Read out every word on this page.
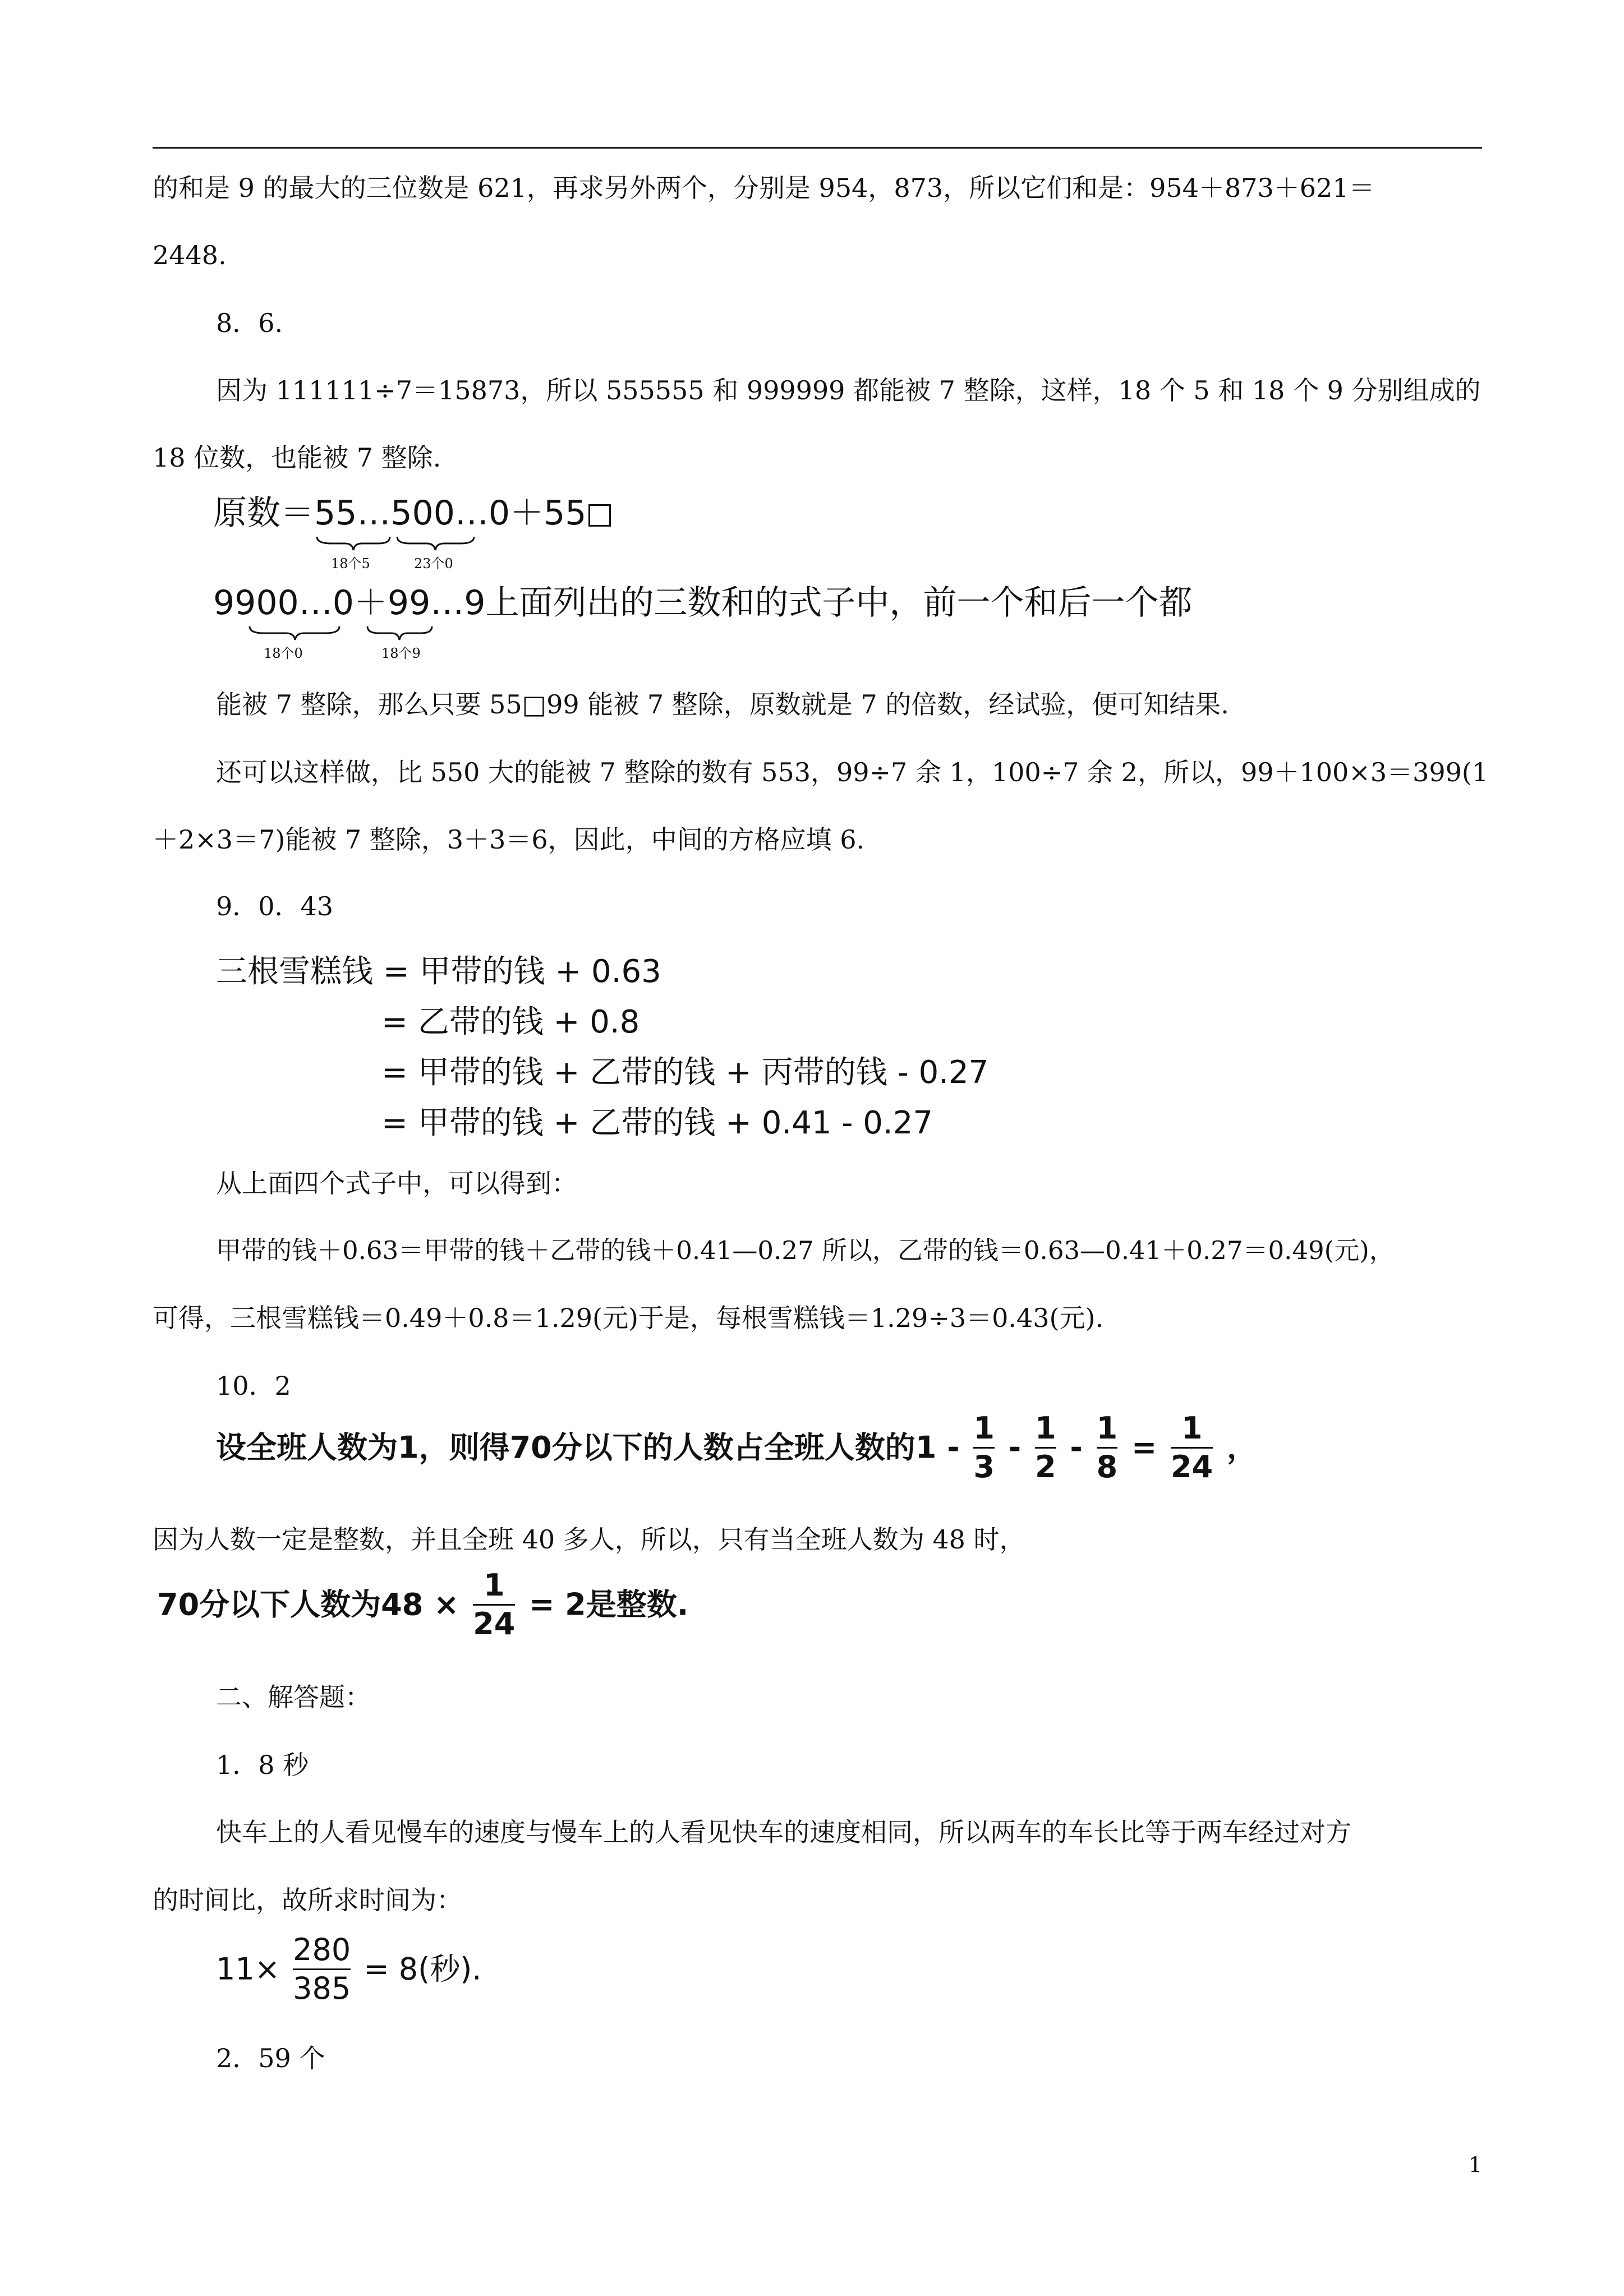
的和是 9 的最大的三位数是 621，再求另外两个，分别是 954，873，所以它们和是：954＋873＋621＝
2448.
8．6.
因为 111111÷7＝15873，所以 555555 和 999999 都能被 7 整除，这样，18 个 5 和 18 个 9 分别组成的
18 位数，也能被 7 整除.
原数＝55…500…0＋55
18个5	23个0
9900…0＋99…9上面列出的三数和的式子中，前一个和后一个都
18个0	18个9
能被 7 整除，那么只要 55□99 能被 7 整除，原数就是 7 的倍数，经试验，便可知结果.
还可以这样做，比 550 大的能被 7 整除的数有 553，99÷7 余 1，100÷7 余 2，所以，99＋100×3＝399(1
＋2×3＝7)能被 7 整除，3＋3＝6，因此，中间的方格应填 6.
9．0．43
三根雪糕钱 = 甲带的钱 + 0.63
= 乙带的钱 + 0.8
= 甲带的钱 + 乙带的钱 + 丙带的钱 - 0.27
= 甲带的钱 + 乙带的钱 + 0.41 - 0.27
从上面四个式子中，可以得到：
甲带的钱＋0.63＝甲带的钱＋乙带的钱＋0.41—0.27 所以，乙带的钱＝0.63—0.41＋0.27＝0.49(元)，
可得，三根雪糕钱＝0.49＋0.8＝1.29(元)于是，每根雪糕钱＝1.29÷3＝0.43(元).
10．2
设全班人数为1，则得70分以下的人数占全班人数的$1 - \frac{1}{3} - \frac{1}{2} - \frac{1}{8} = \frac{1}{24}$ ，
因为人数一定是整数，并且全班 40 多人，所以，只有当全班人数为 48 时，
70分以下人数为$48 \times \frac{1}{24} = 2$是整数.
二、解答题：
1．8 秒
快车上的人看见慢车的速度与慢车上的人看见快车的速度相同，所以两车的车长比等于两车经过对方
的时间比，故所求时间为：
$11\times \frac{280}{385} = 8$(秒).
2．59 个
1
